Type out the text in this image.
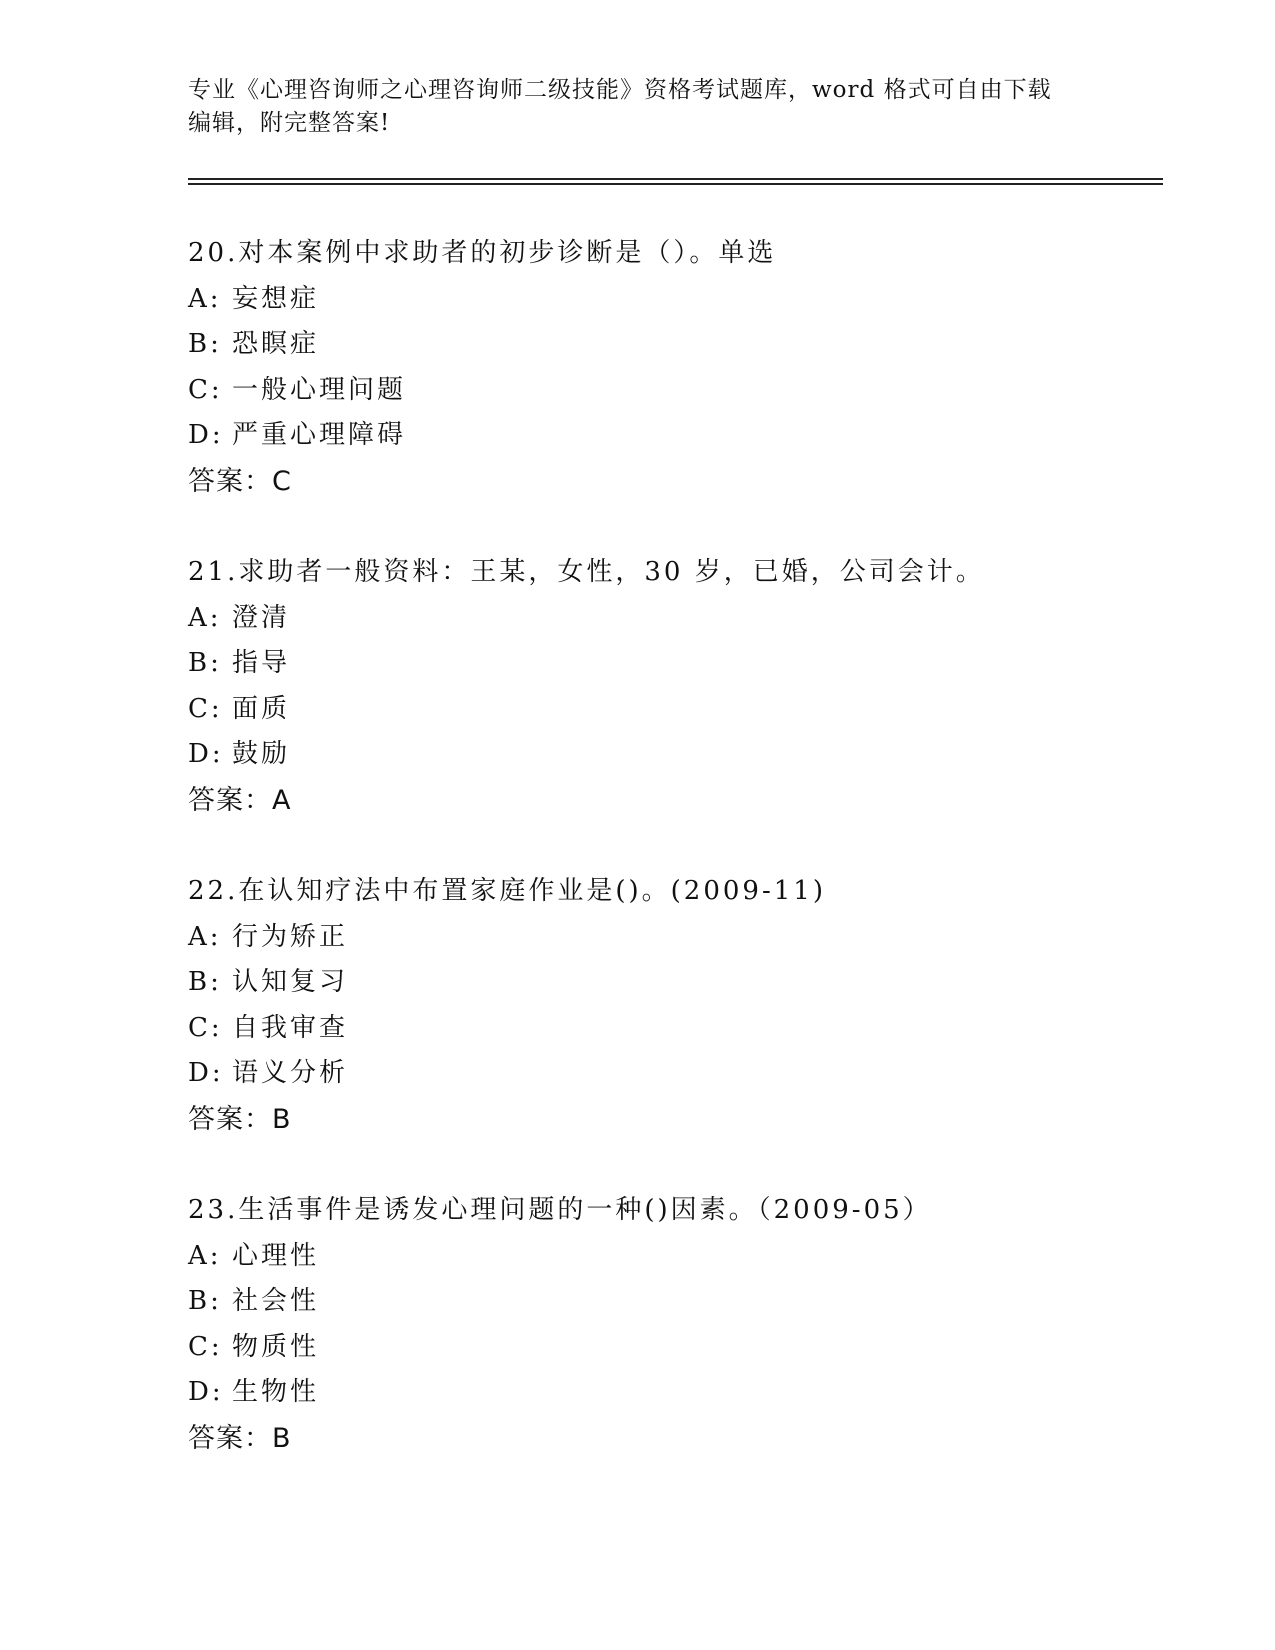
专业《心理咨询师之心理咨询师二级技能》资格考试题库，word 格式可自由下载
编辑，附完整答案!
20.对本案例中求助者的初步诊断是（）。单选
A: 妄想症
B: 恐瞑症
C: 一般心理问题
D: 严重心理障碍
答案：C
21.求助者一般资料：王某，女性，30 岁，已婚，公司会计。
A: 澄清
B: 指导
C: 面质
D: 鼓励
答案：A
22.在认知疗法中布置家庭作业是()。(2009-11)
A: 行为矫正
B: 认知复习
C: 自我审查
D: 语义分析
答案：B
23.生活事件是诱发心理问题的一种()因素。（2009-05）
A: 心理性
B: 社会性
C: 物质性
D: 生物性
答案：B
